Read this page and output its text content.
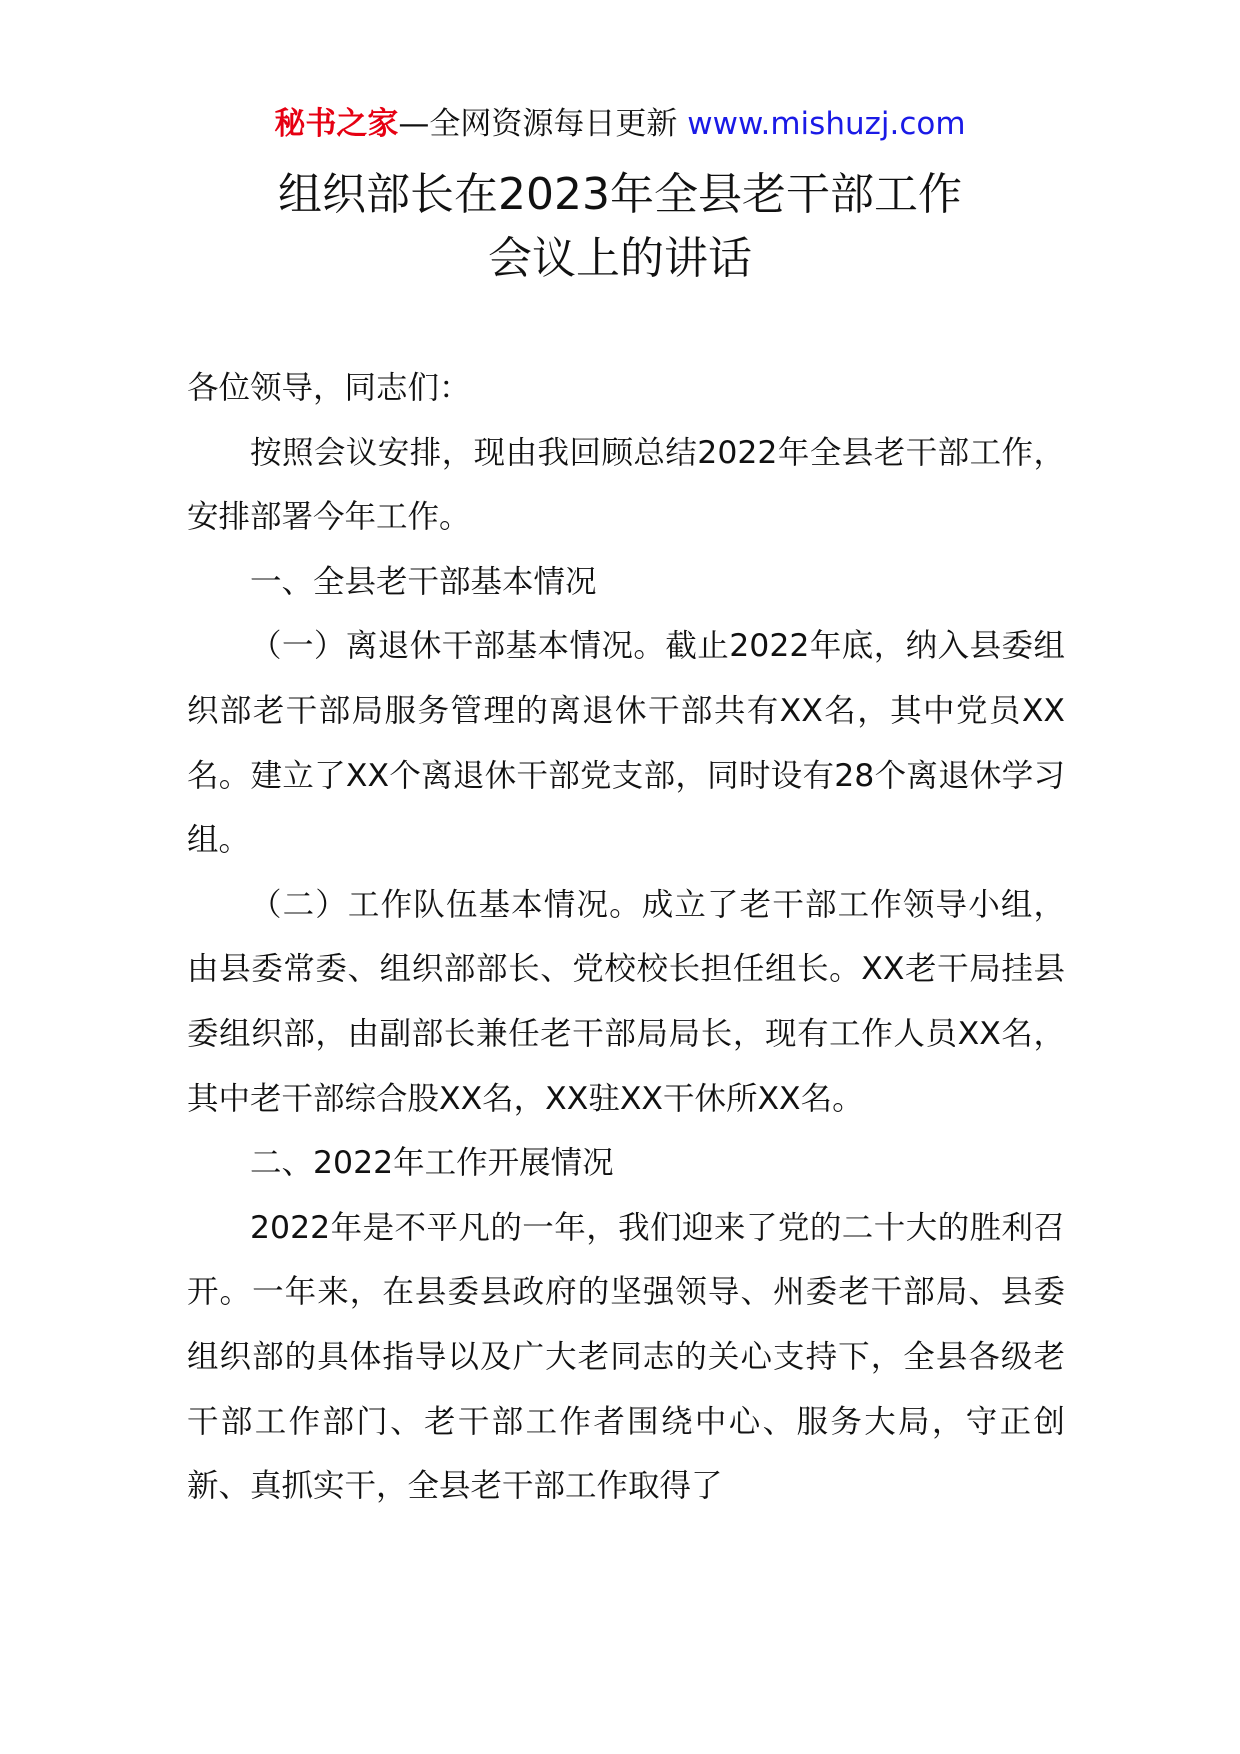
秘书之家—全网资源每日更新 www.mishuzj.com
组织部长在2023年全县老干部工作
会议上的讲话

各位领导，同志们：

按照会议安排，现由我回顾总结2022年全县老干部工作，安排部署今年工作。

一、全县老干部基本情况

（一）离退休干部基本情况。截止2022年底，纳入县委组织部老干部局服务管理的离退休干部共有XX名，其中党员XX名。建立了XX个离退休干部党支部，同时设有28个离退休学习组。

（二）工作队伍基本情况。成立了老干部工作领导小组，由县委常委、组织部部长、党校校长担任组长。XX老干局挂县委组织部，由副部长兼任老干部局局长，现有工作人员XX名，其中老干部综合股XX名，XX驻XX干休所XX名。

二、2022年工作开展情况

2022年是不平凡的一年，我们迎来了党的二十大的胜利召开。一年来，在县委县政府的坚强领导、州委老干部局、县委组织部的具体指导以及广大老同志的关心支持下，全县各级老干部工作部门、老干部工作者围绕中心、服务大局，守正创新、真抓实干，全县老干部工作取得了
